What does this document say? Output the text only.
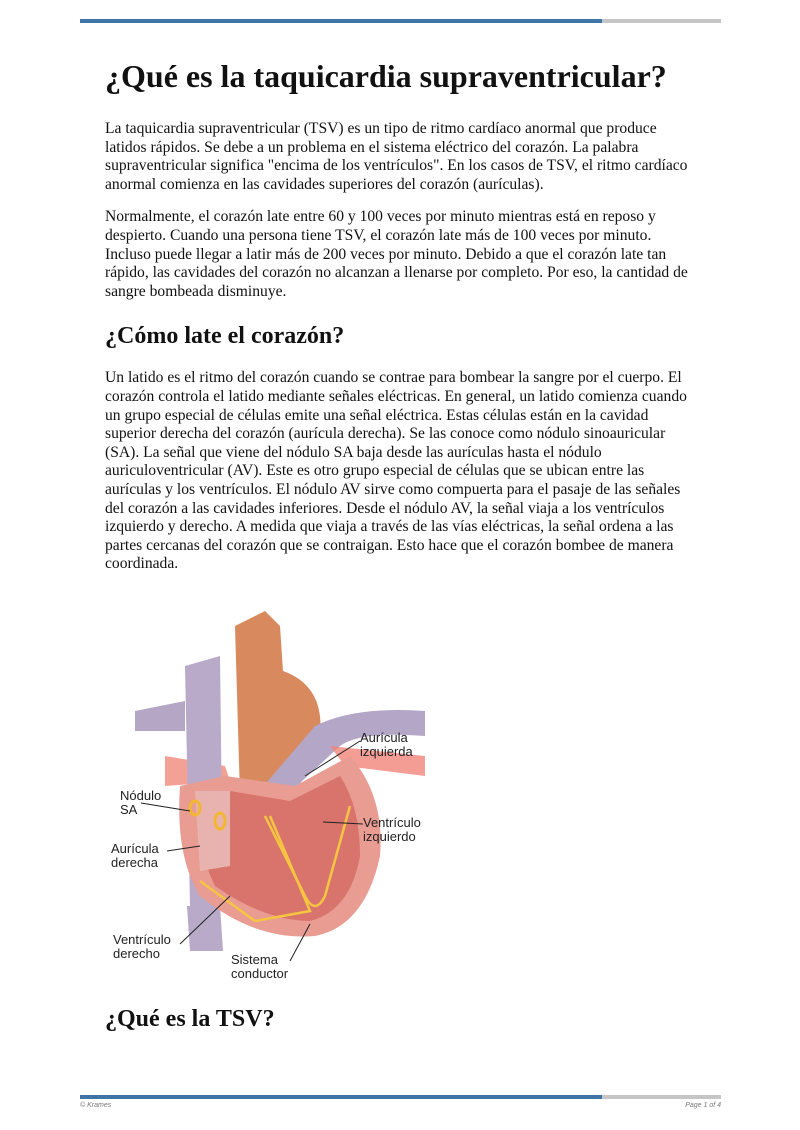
¿Qué es la taquicardia supraventricular?

La taquicardia supraventricular (TSV) es un tipo de ritmo cardíaco anormal que produce latidos rápidos. Se debe a un problema en el sistema eléctrico del corazón. La palabra supraventricular significa "encima de los ventrículos". En los casos de TSV, el ritmo cardíaco anormal comienza en las cavidades superiores del corazón (aurículas).

Normalmente, el corazón late entre 60 y 100 veces por minuto mientras está en reposo y despierto. Cuando una persona tiene TSV, el corazón late más de 100 veces por minuto. Incluso puede llegar a latir más de 200 veces por minuto. Debido a que el corazón late tan rápido, las cavidades del corazón no alcanzan a llenarse por completo. Por eso, la cantidad de sangre bombeada disminuye.

¿Cómo late el corazón?

Un latido es el ritmo del corazón cuando se contrae para bombear la sangre por el cuerpo. El corazón controla el latido mediante señales eléctricas. En general, un latido comienza cuando un grupo especial de células emite una señal eléctrica. Estas células están en la cavidad superior derecha del corazón (aurícula derecha). Se las conoce como nódulo sinoauricular (SA). La señal que viene del nódulo SA baja desde las aurículas hasta el nódulo auriculoventricular (AV). Este es otro grupo especial de células que se ubican entre las aurículas y los ventrículos. El nódulo AV sirve como compuerta para el pasaje de las señales del corazón a las cavidades inferiores. Desde el nódulo AV, la señal viaja a los ventrículos izquierdo y derecho. A medida que viaja a través de las vías eléctricas, la señal ordena a las partes cercanas del corazón que se contraigan. Esto hace que el corazón bombee de manera coordinada.

Nódulo
SA
Aurícula
derecha
Ventrículo
derecho	Sistema
conductor
Aurícula
izquierda
Ventrículo
izquierdo
¿Qué es la TSV?
© Krames	Page 1 of 4
